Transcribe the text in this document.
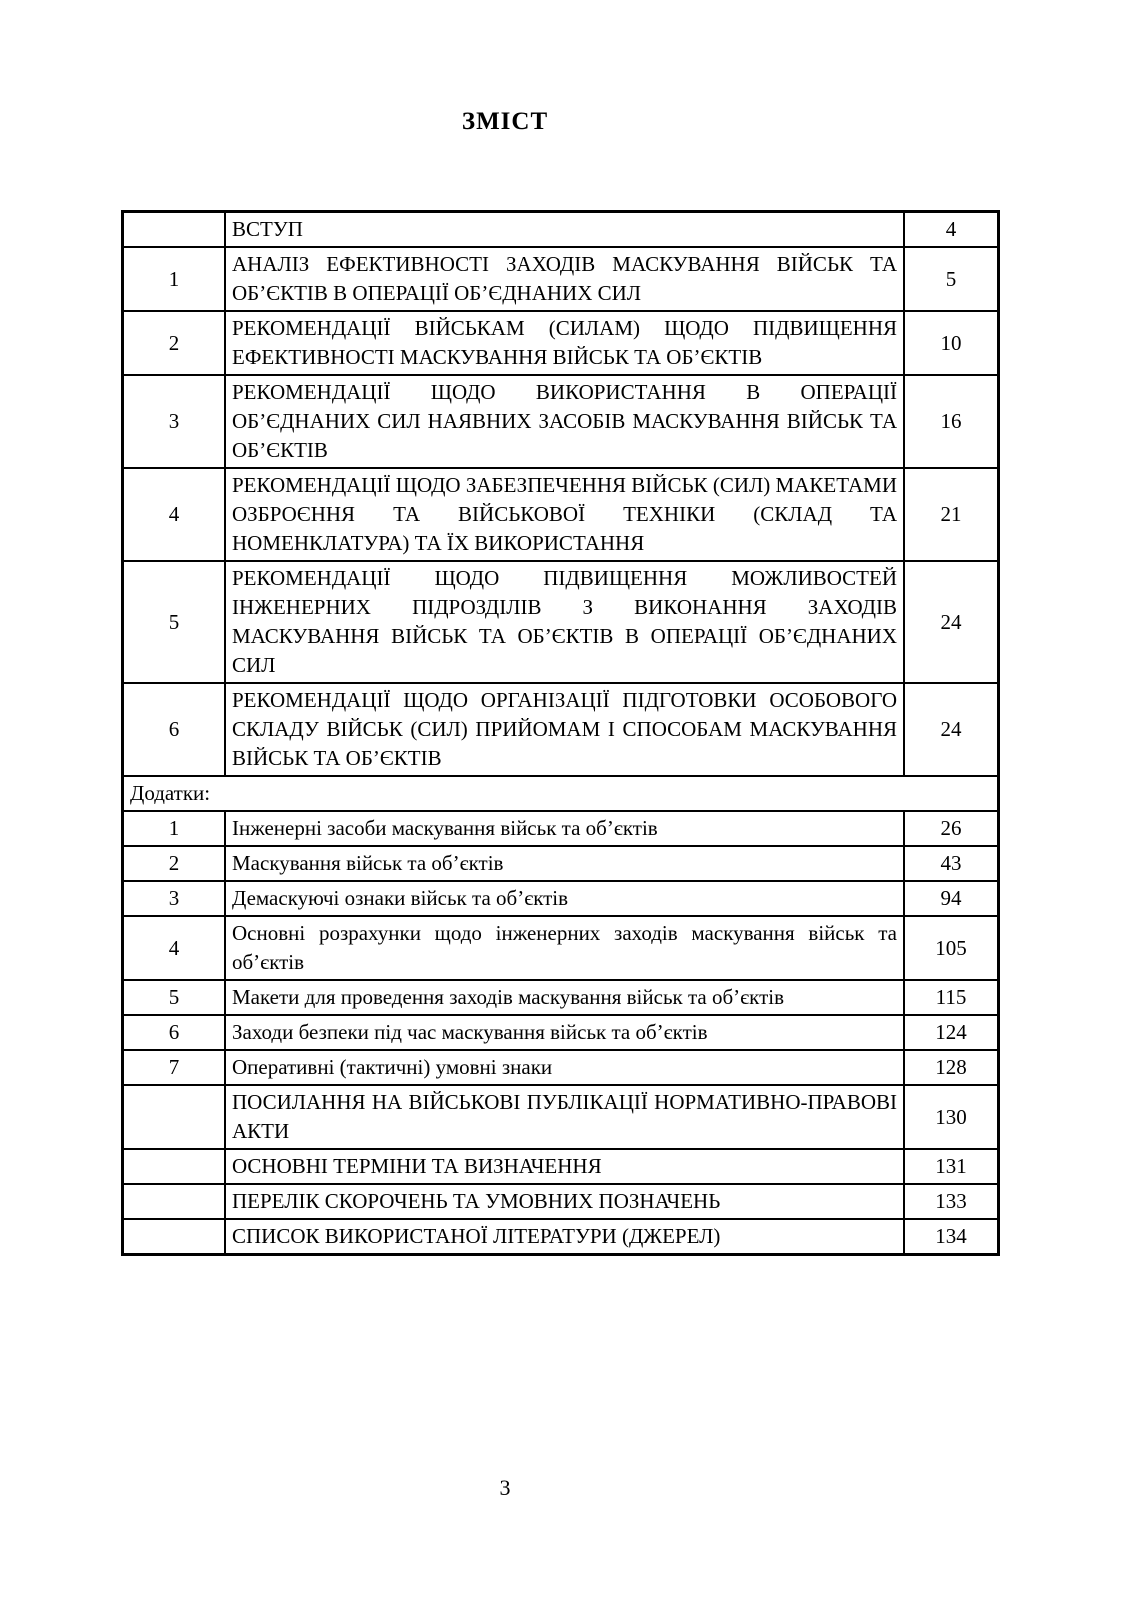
ЗМІСТ
	ВСТУП	4
1	АНАЛІЗ ЕФЕКТИВНОСТІ ЗАХОДІВ МАСКУВАННЯ ВІЙСЬК ТА ОБ’ЄКТІВ В ОПЕРАЦІЇ ОБ’ЄДНАНИХ СИЛ	5
2	РЕКОМЕНДАЦІЇ ВІЙСЬКАМ (СИЛАМ) ЩОДО ПІДВИЩЕННЯ ЕФЕКТИВНОСТІ МАСКУВАННЯ ВІЙСЬК ТА ОБ’ЄКТІВ	10
3	РЕКОМЕНДАЦІЇ ЩОДО ВИКОРИСТАННЯ В ОПЕРАЦІЇ ОБ’ЄДНАНИХ СИЛ НАЯВНИХ ЗАСОБІВ МАСКУВАННЯ ВІЙСЬК ТА ОБ’ЄКТІВ	16
4	РЕКОМЕНДАЦІЇ ЩОДО ЗАБЕЗПЕЧЕННЯ ВІЙСЬК (СИЛ) МАКЕТАМИ ОЗБРОЄННЯ ТА ВІЙСЬКОВОЇ ТЕХНІКИ (СКЛАД ТА НОМЕНКЛАТУРА) ТА ЇХ ВИКОРИСТАННЯ	21
5	РЕКОМЕНДАЦІЇ ЩОДО ПІДВИЩЕННЯ МОЖЛИВОСТЕЙ ІНЖЕНЕРНИХ ПІДРОЗДІЛІВ З ВИКОНАННЯ ЗАХОДІВ МАСКУВАННЯ ВІЙСЬК ТА ОБ’ЄКТІВ В ОПЕРАЦІЇ ОБ’ЄДНАНИХ СИЛ	24
6	РЕКОМЕНДАЦІЇ ЩОДО ОРГАНІЗАЦІЇ ПІДГОТОВКИ ОСОБОВОГО СКЛАДУ ВІЙСЬК (СИЛ) ПРИЙОМАМ І СПОСОБАМ МАСКУВАННЯ ВІЙСЬК ТА ОБ’ЄКТІВ	24
Додатки:		
1	Інженерні засоби маскування військ та об’єктів	26
2	Маскування військ та об’єктів	43
3	Демаскуючі ознаки військ та об’єктів	94
4	Основні розрахунки щодо інженерних заходів маскування військ та об’єктів	105
5	Макети для проведення заходів маскування військ та об’єктів	115
6	Заходи безпеки під час маскування військ та об’єктів	124
7	Оперативні (тактичні) умовні знаки	128
	ПОСИЛАННЯ НА ВІЙСЬКОВІ ПУБЛІКАЦІЇ НОРМАТИВНО-ПРАВОВІ АКТИ	130
	ОСНОВНІ ТЕРМІНИ ТА ВИЗНАЧЕННЯ	131
	ПЕРЕЛІК СКОРОЧЕНЬ ТА УМОВНИХ ПОЗНАЧЕНЬ	133
	СПИСОК ВИКОРИСТАНОЇ ЛІТЕРАТУРИ (ДЖЕРЕЛ)	134
3
